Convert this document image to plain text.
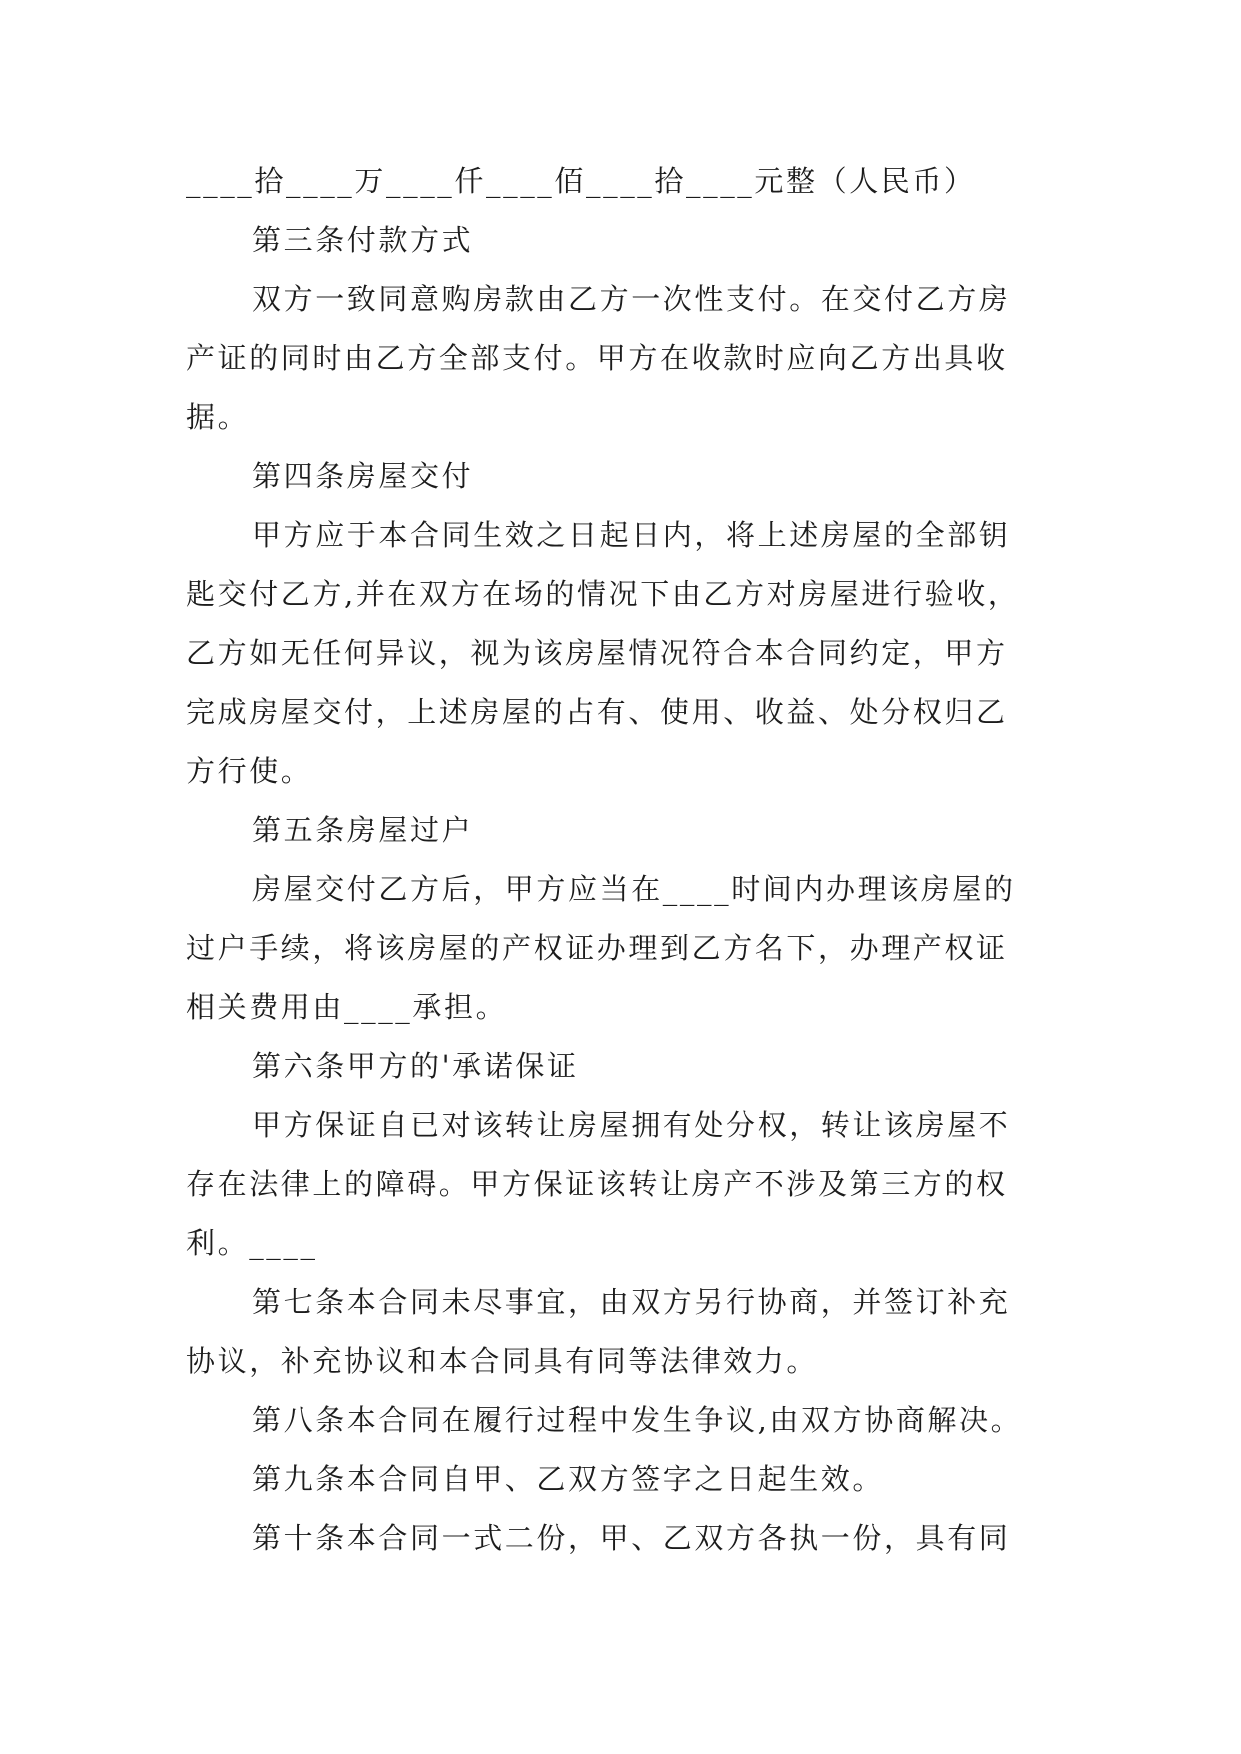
____拾____万____仟____佰____拾____元整（人民币）
第三条付款方式
双方一致同意购房款由乙方一次性支付。在交付乙方房
产证的同时由乙方全部支付。甲方在收款时应向乙方出具收
据。
第四条房屋交付
甲方应于本合同生效之日起日内，将上述房屋的全部钥
匙交付乙方,并在双方在场的情况下由乙方对房屋进行验收，
乙方如无任何异议，视为该房屋情况符合本合同约定，甲方
完成房屋交付，上述房屋的占有、使用、收益、处分权归乙
方行使。
第五条房屋过户
房屋交付乙方后，甲方应当在____时间内办理该房屋的
过户手续，将该房屋的产权证办理到乙方名下，办理产权证
相关费用由____承担。
第六条甲方的'承诺保证
甲方保证自已对该转让房屋拥有处分权，转让该房屋不
存在法律上的障碍。甲方保证该转让房产不涉及第三方的权
利。____
第七条本合同未尽事宜，由双方另行协商，并签订补充
协议，补充协议和本合同具有同等法律效力。
第八条本合同在履行过程中发生争议,由双方协商解决。
第九条本合同自甲、乙双方签字之日起生效。
第十条本合同一式二份，甲、乙双方各执一份，具有同
